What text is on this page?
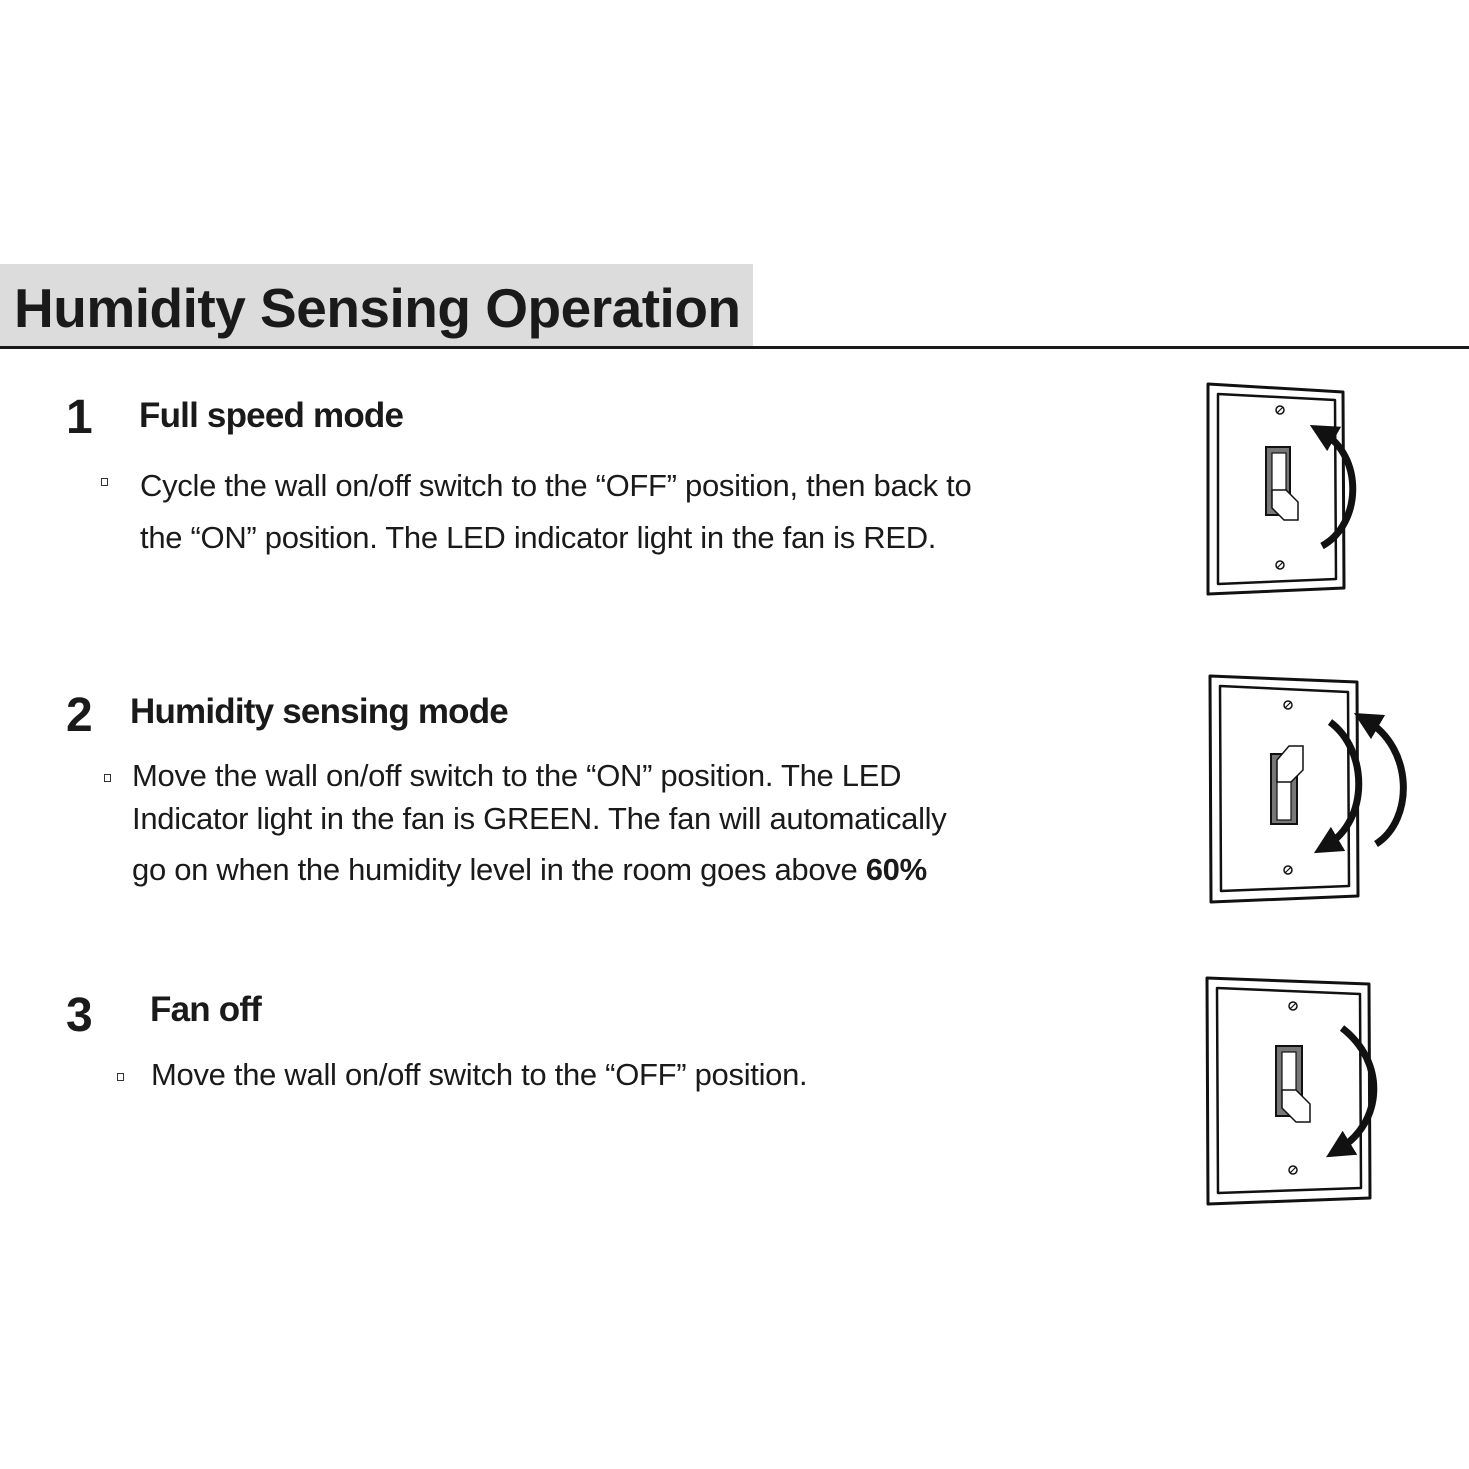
Humidity Sensing Operation
1 Full speed mode
Cycle the wall on/off switch to the “OFF” position, then back to
the “ON” position. The LED indicator light in the fan is RED.
2 Humidity sensing mode
Move the wall on/off switch to the “ON” position. The LED
Indicator light in the fan is GREEN. The fan will automatically
go on when the humidity level in the room goes above 60%
3 Fan off
Move the wall on/off switch to the “OFF” position.
